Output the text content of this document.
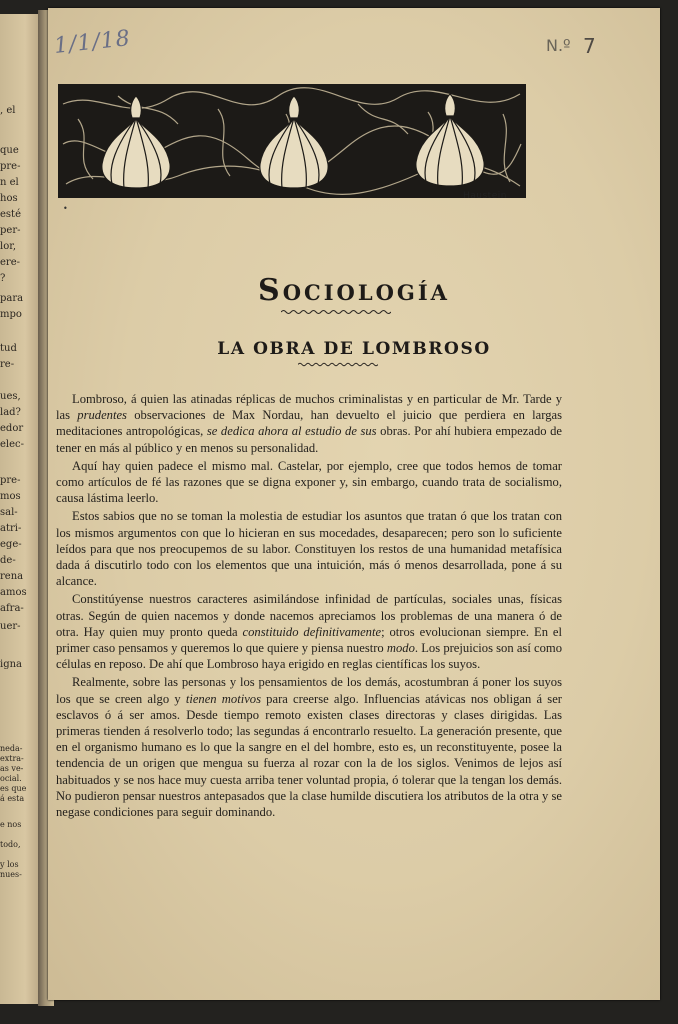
, el
que
pre-
n el
hos
esté
per-
lor,
ere-
?
para
mpo
tud
re-
ues,
lad?
edor
elec-
pre-
mos
sal-
atri-
ege-
de-
rena
amos
afra-
uer-
igna
neda-
extra-
as ve-
ocial.
es que
á esta
e nos
todo,
y los
nues-
1/1/18	N.º 7
Haustein
•
Sociología
LA OBRA DE LOMBROSO

Lombroso, á quien las atinadas réplicas de muchos criminalistas y en particular de Mr. Tarde y las prudentes observaciones de Max Nordau, han devuelto el juicio que perdiera en largas meditaciones antropológicas, se dedica ahora al estudio de sus obras. Por ahí hubiera empezado de tener en más al público y en menos su personalidad.

Aquí hay quien padece el mismo mal. Castelar, por ejemplo, cree que todos hemos de tomar como artículos de fé las razones que se digna exponer y, sin embargo, cuando trata de socialismo, causa lástima leerlo.

Estos sabios que no se toman la molestia de estudiar los asuntos que tratan ó que los tratan con los mismos argumentos con que lo hicieran en sus mocedades, desaparecen; pero son lo suficiente leídos para que nos preocupemos de su labor. Constituyen los restos de una humanidad metafísica dada á discutirlo todo con los elementos que una intuición, más ó menos desarrollada, pone á su alcance.

Constitúyense nuestros caracteres asimilándose infinidad de partículas, sociales unas, físicas otras. Según de quien nacemos y donde nacemos apreciamos los problemas de una manera ó de otra. Hay quien muy pronto queda constituido definitivamente; otros evolucionan siempre. En el primer caso pensamos y queremos lo que quiere y piensa nuestro modo. Los prejuicios son así como células en reposo. De ahí que Lombroso haya erigido en reglas científicas los suyos.

Realmente, sobre las personas y los pensamientos de los demás, acostumbran á poner los suyos los que se creen algo y tienen motivos para creerse algo. Influencias atávicas nos obligan á ser esclavos ó á ser amos. Desde tiempo remoto existen clases directoras y clases dirigidas. Las primeras tienden á resolverlo todo; las segundas á encontrarlo resuelto. La generación presente, que en el organismo humano es lo que la sangre en el del hombre, esto es, un reconstituyente, posee la tendencia de un origen que mengua su fuerza al rozar con la de los siglos. Venimos de lejos así habituados y se nos hace muy cuesta arriba tener voluntad propia, ó tolerar que la tengan los demás. No pudieron pensar nuestros antepasados que la clase humilde discutiera los atributos de la otra y se negase condiciones para seguir dominando.
